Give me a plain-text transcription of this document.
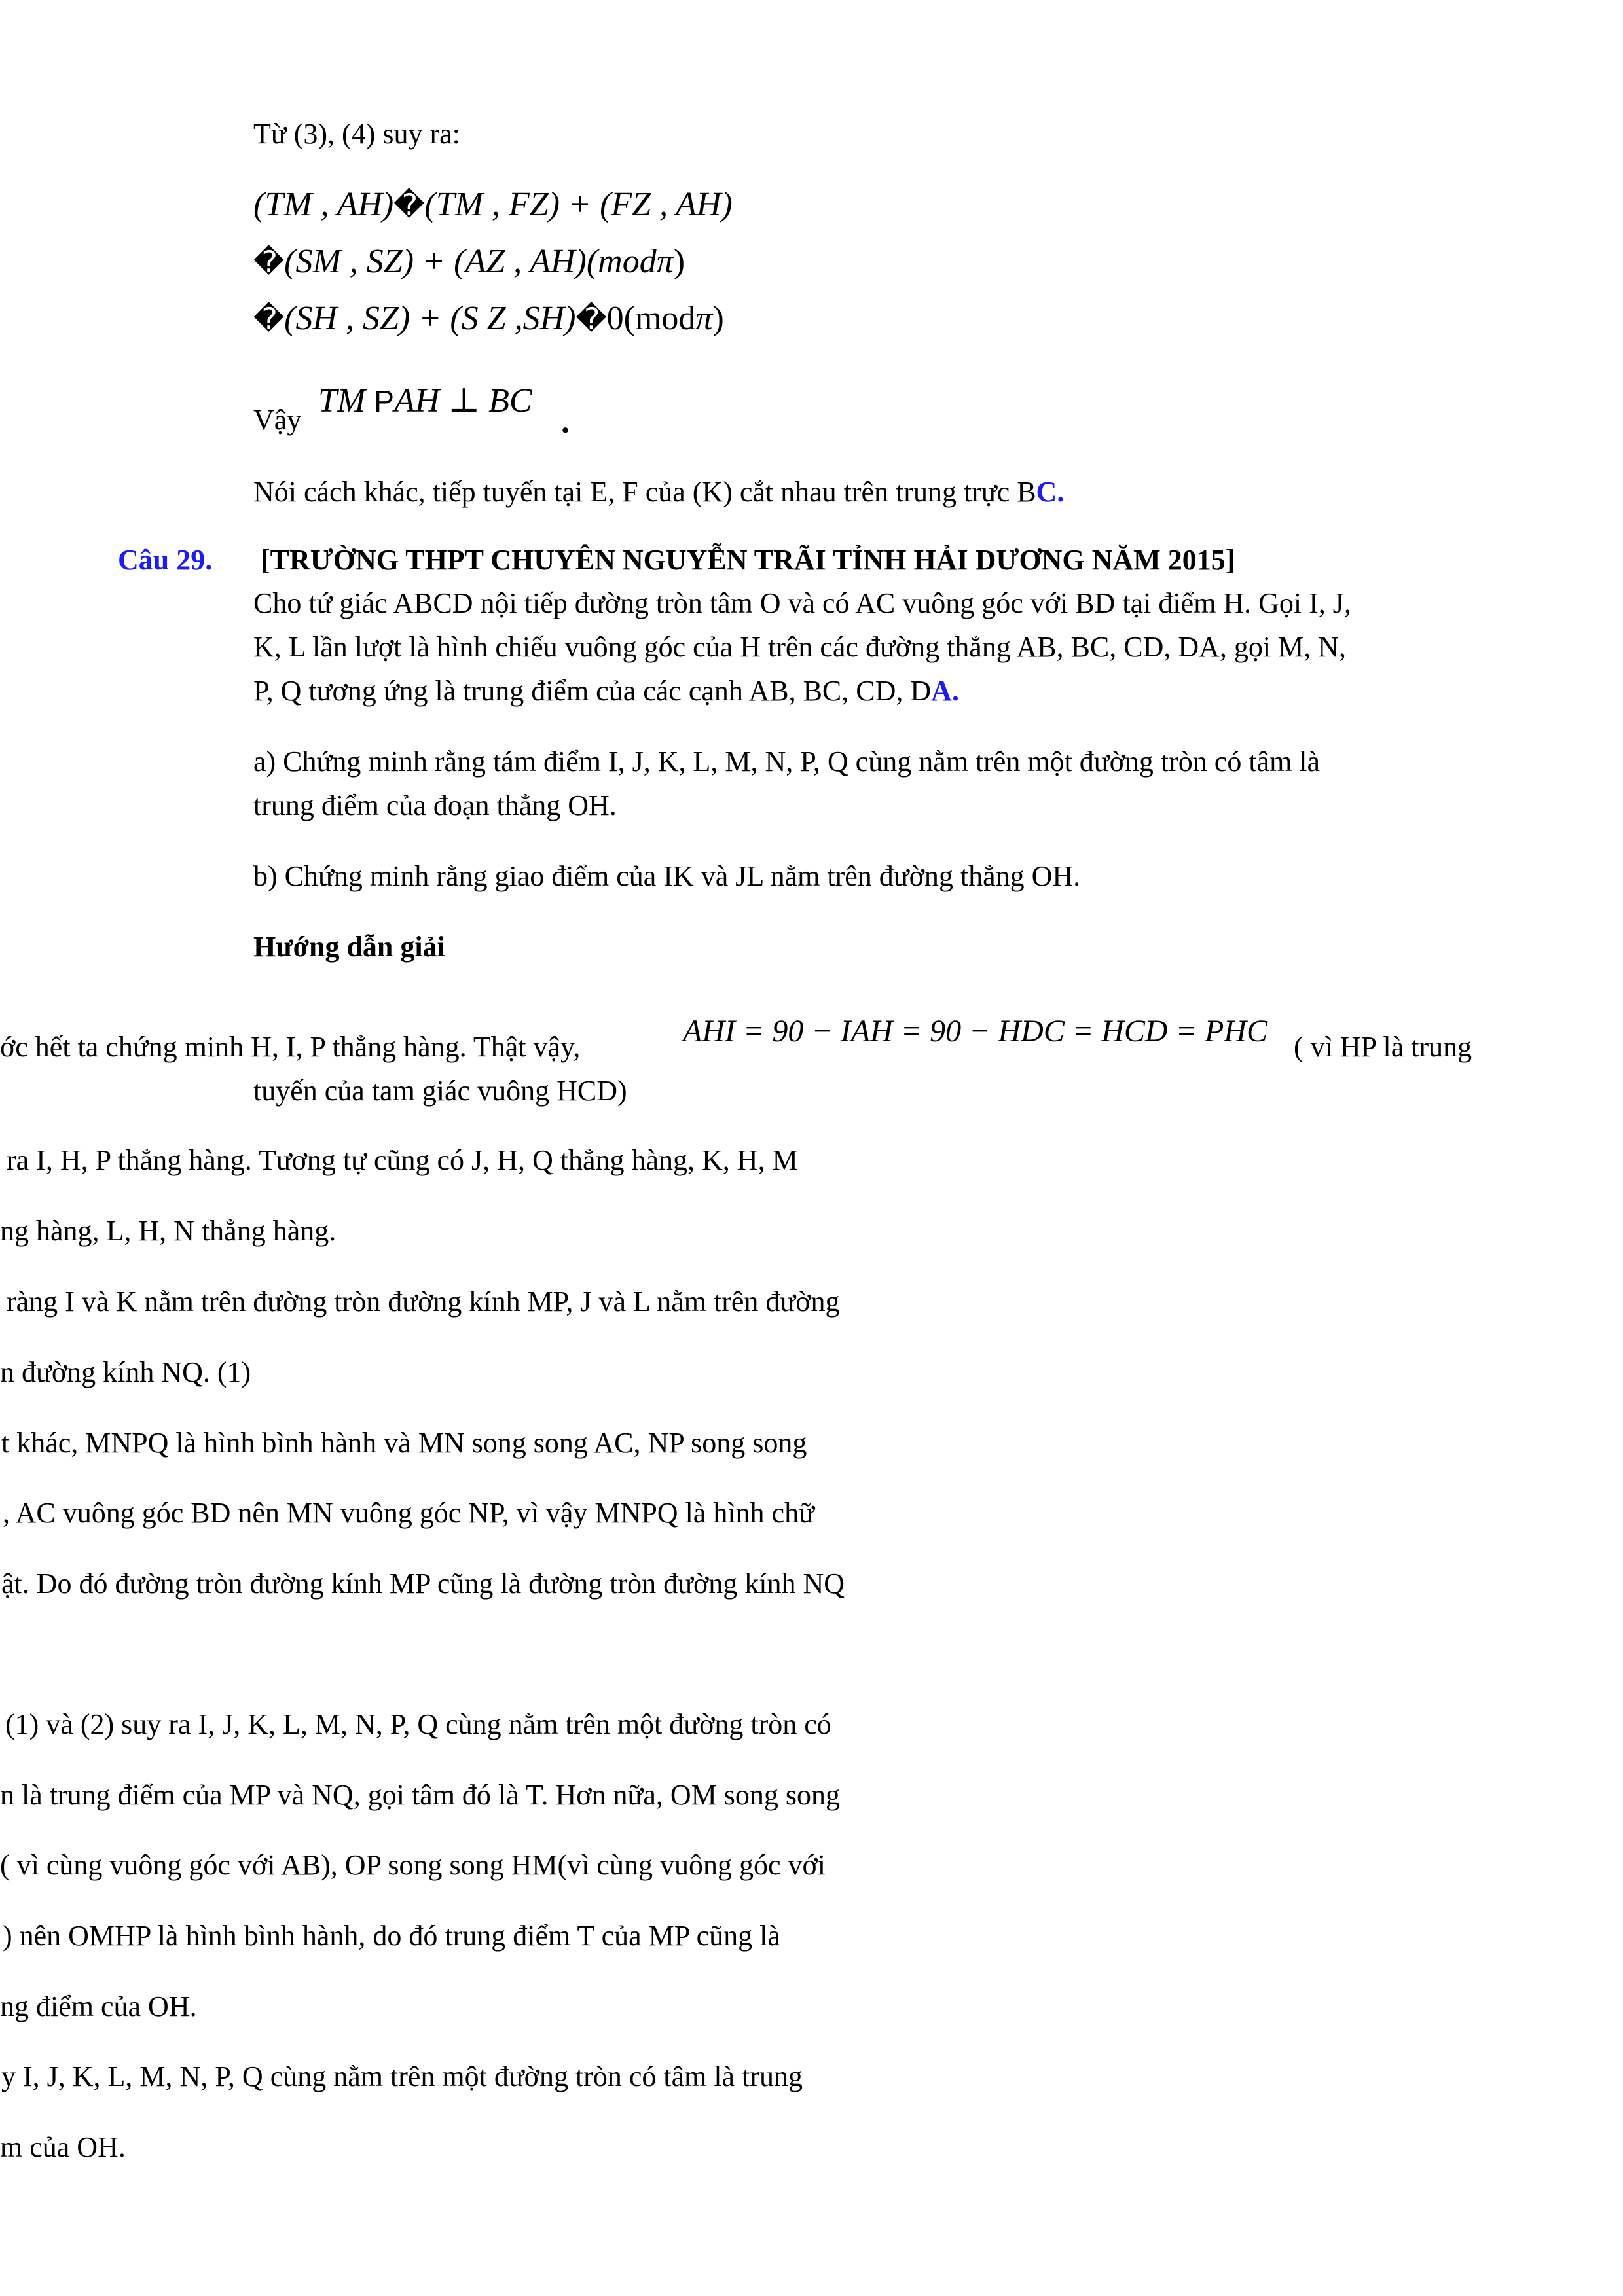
Từ (3), (4) suy ra:
(TM , AH)�(TM , FZ) + (FZ , AH)
�(SM , SZ) + (AZ , AH)(modπ)
�(SH , SZ) + (S Z ,SH)�0(modπ)
Vậy
TM PAH ⊥ BC
.
Nói cách khác, tiếp tuyến tại E, F của (K) cắt nhau trên trung trực BC.
Câu 29. [TRƯỜNG THPT CHUYÊN NGUYỄN TRÃI TỈNH HẢI DƯƠNG NĂM 2015]
Cho tứ giác ABCD nội tiếp đường tròn tâm O và có AC vuông góc với BD tại điểm H. Gọi I, J,
K, L lần lượt là hình chiếu vuông góc của H trên các đường thẳng AB, BC, CD, DA, gọi M, N,
P, Q tương ứng là trung điểm của các cạnh AB, BC, CD, DA.
a) Chứng minh rằng tám điểm I, J, K, L, M, N, P, Q cùng nằm trên một đường tròn có tâm là
trung điểm của đoạn thẳng OH.
b) Chứng minh rằng giao điểm của IK và JL nằm trên đường thẳng OH.
Hướng dẫn giải
ớc hết ta chứng minh H, I, P thẳng hàng. Thật vậy,	AHI = 90 − IAH = 90 − HDC = HCD = PHC ( vì HP là trung
tuyến của tam giác vuông HCD)
ra I, H, P thẳng hàng. Tương tự cũng có J, H, Q thẳng hàng, K, H, M
ng hàng, L, H, N thẳng hàng.
ràng I và K nằm trên đường tròn đường kính MP, J và L nằm trên đường
n đường kính NQ. (1)
t khác, MNPQ là hình bình hành và MN song song AC, NP song song
, AC vuông góc BD nên MN vuông góc NP, vì vậy MNPQ là hình chữ
ật. Do đó đường tròn đường kính MP cũng là đường tròn đường kính NQ
(1) và (2) suy ra I, J, K, L, M, N, P, Q cùng nằm trên một đường tròn có
n là trung điểm của MP và NQ, gọi tâm đó là T. Hơn nữa, OM song song
( vì cùng vuông góc với AB), OP song song HM(vì cùng vuông góc với
) nên OMHP là hình bình hành, do đó trung điểm T của MP cũng là
ng điểm của OH.
y I, J, K, L, M, N, P, Q cùng nằm trên một đường tròn có tâm là trung
m của OH.
